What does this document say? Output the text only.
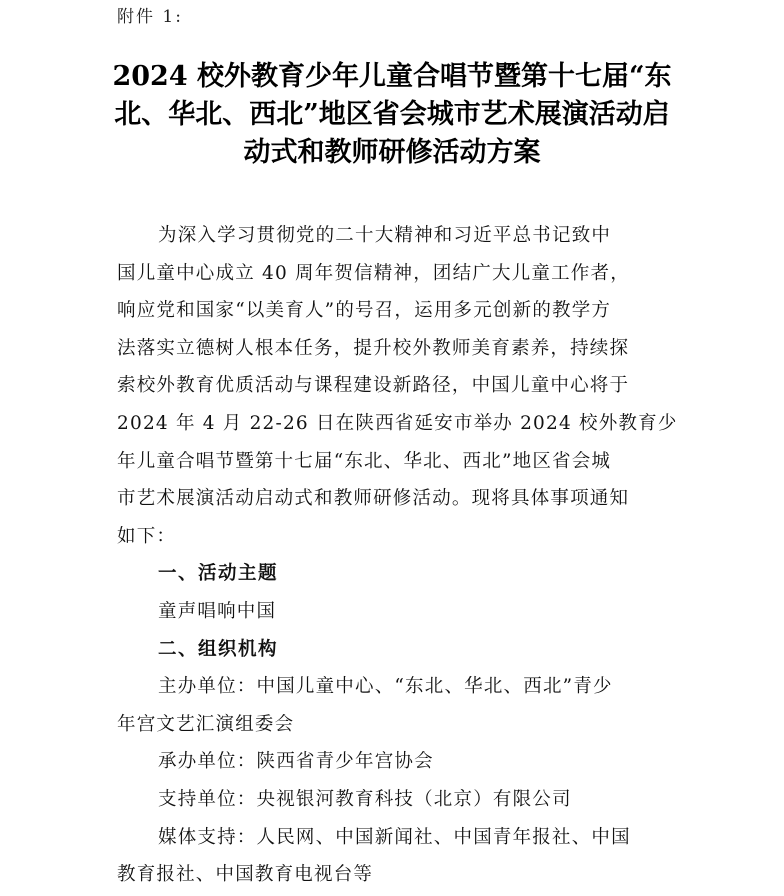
附件 1:
2024 校外教育少年儿童合唱节暨第十七届“东
北、华北、西北”地区省会城市艺术展演活动启
动式和教师研修活动方案
为深入学习贯彻党的二十大精神和习近平总书记致中
国儿童中心成立 40 周年贺信精神，团结广大儿童工作者，
响应党和国家“以美育人”的号召，运用多元创新的教学方
法落实立德树人根本任务，提升校外教师美育素养，持续探
索校外教育优质活动与课程建设新路径，中国儿童中心将于
2024 年 4 月 22-26 日在陕西省延安市举办 2024 校外教育少
年儿童合唱节暨第十七届“东北、华北、西北”地区省会城
市艺术展演活动启动式和教师研修活动。现将具体事项通知
如下：
一、活动主题
童声唱响中国
二、组织机构
主办单位：中国儿童中心、“东北、华北、西北”青少
年宫文艺汇演组委会
承办单位：陕西省青少年宫协会
支持单位：央视银河教育科技（北京）有限公司
媒体支持：人民网、中国新闻社、中国青年报社、中国
教育报社、中国教育电视台等
